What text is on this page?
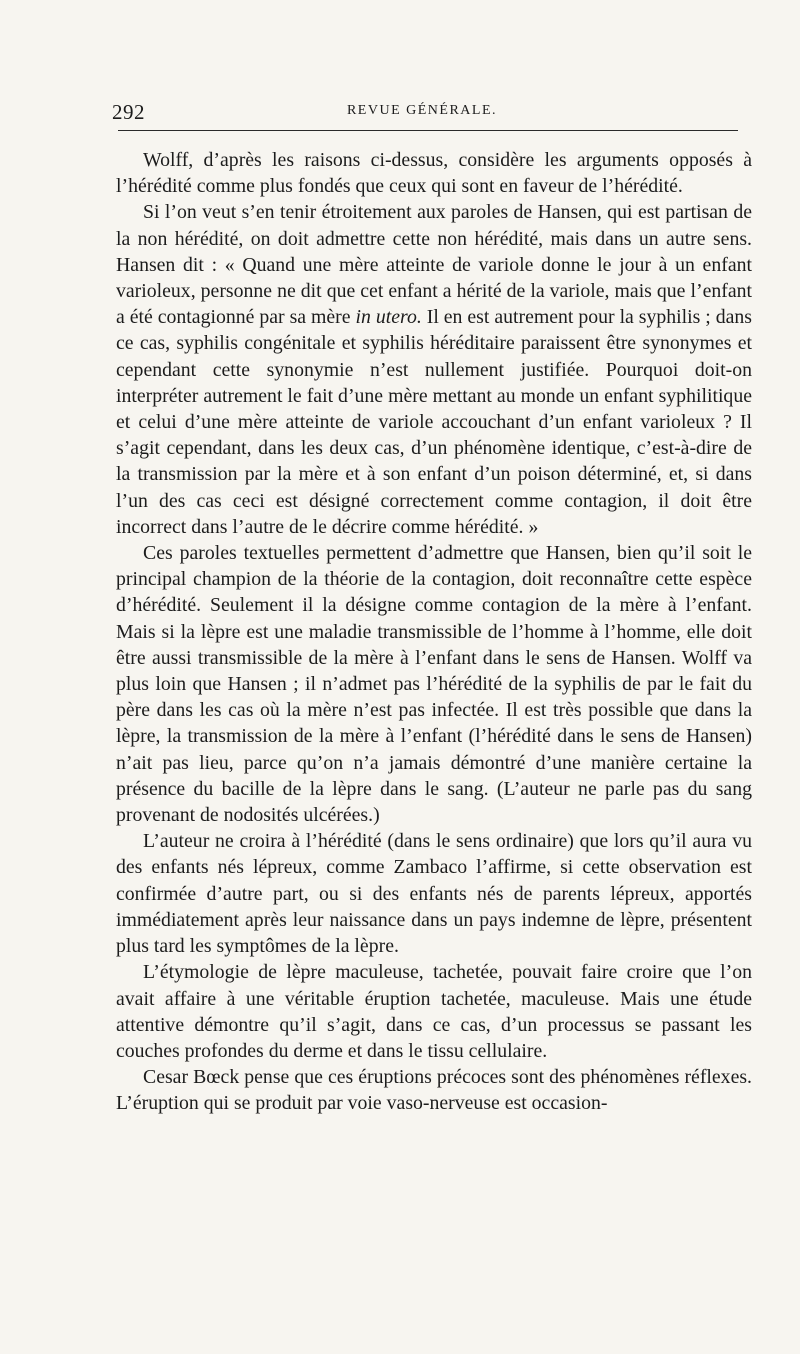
292	REVUE GÉNÉRALE.

Wolff, d’après les raisons ci-dessus, considère les arguments opposés à l’hérédité comme plus fondés que ceux qui sont en faveur de l’hérédité.

Si l’on veut s’en tenir étroitement aux paroles de Hansen, qui est partisan de la non hérédité, on doit admettre cette non hérédité, mais dans un autre sens. Hansen dit : « Quand une mère atteinte de variole donne le jour à un enfant varioleux, personne ne dit que cet enfant a hérité de la variole, mais que l’enfant a été contagionné par sa mère in utero. Il en est autrement pour la syphilis ; dans ce cas, syphilis congénitale et syphilis héréditaire paraissent être synonymes et cependant cette synonymie n’est nullement justifiée. Pourquoi doit-on interpréter autrement le fait d’une mère mettant au monde un enfant syphilitique et celui d’une mère atteinte de variole accouchant d’un enfant varioleux ? Il s’agit cependant, dans les deux cas, d’un phénomène identique, c’est-à-dire de la transmission par la mère et à son enfant d’un poison déterminé, et, si dans l’un des cas ceci est désigné correctement comme contagion, il doit être incorrect dans l’autre de le décrire comme hérédité. »

Ces paroles textuelles permettent d’admettre que Hansen, bien qu’il soit le principal champion de la théorie de la contagion, doit reconnaître cette espèce d’hérédité. Seulement il la désigne comme contagion de la mère à l’enfant. Mais si la lèpre est une maladie transmissible de l’homme à l’homme, elle doit être aussi transmissible de la mère à l’enfant dans le sens de Hansen. Wolff va plus loin que Hansen ; il n’admet pas l’hérédité de la syphilis de par le fait du père dans les cas où la mère n’est pas infectée. Il est très possible que dans la lèpre, la transmission de la mère à l’enfant (l’hérédité dans le sens de Hansen) n’ait pas lieu, parce qu’on n’a jamais démontré d’une manière certaine la présence du bacille de la lèpre dans le sang. (L’auteur ne parle pas du sang provenant de nodosités ulcérées.)

L’auteur ne croira à l’hérédité (dans le sens ordinaire) que lors qu’il aura vu des enfants nés lépreux, comme Zambaco l’affirme, si cette observation est confirmée d’autre part, ou si des enfants nés de parents lépreux, apportés immédiatement après leur naissance dans un pays indemne de lèpre, présentent plus tard les symptômes de la lèpre.

L’étymologie de lèpre maculeuse, tachetée, pouvait faire croire que l’on avait affaire à une véritable éruption tachetée, maculeuse. Mais une étude attentive démontre qu’il s’agit, dans ce cas, d’un processus se passant les couches profondes du derme et dans le tissu cellulaire.

Cesar Bœck pense que ces éruptions précoces sont des phénomènes réflexes. L’éruption qui se produit par voie vaso-nerveuse est occasion-
